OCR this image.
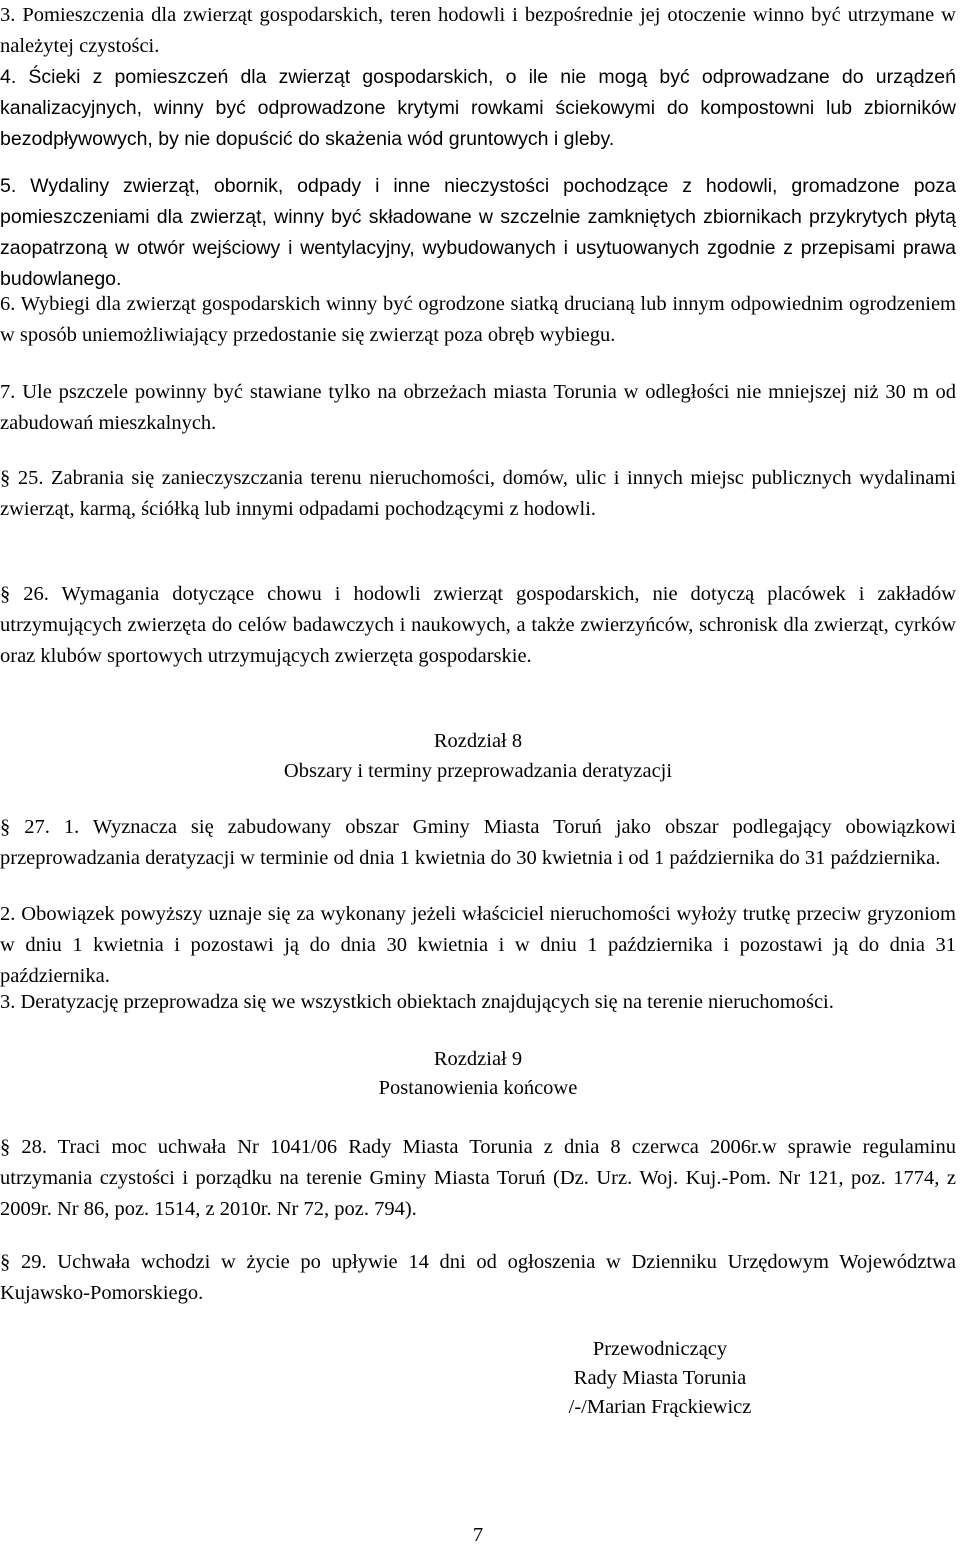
3. Pomieszczenia dla zwierząt gospodarskich, teren hodowli i bezpośrednie jej otoczenie winno być utrzymane w należytej czystości.

4. Ścieki z pomieszczeń dla zwierząt gospodarskich, o ile nie mogą być odprowadzane do urządzeń kanalizacyjnych, winny być odprowadzone krytymi rowkami ściekowymi do kompostowni lub zbiorników bezodpływowych, by nie dopuścić do skażenia wód gruntowych i gleby.

5. Wydaliny zwierząt, obornik, odpady i inne nieczystości pochodzące z hodowli, gromadzone poza pomieszczeniami dla zwierząt, winny być składowane w szczelnie zamkniętych zbiornikach przykrytych płytą zaopatrzoną w otwór wejściowy i wentylacyjny, wybudowanych i usytuowanych zgodnie z przepisami prawa budowlanego.

6. Wybiegi dla zwierząt gospodarskich winny być ogrodzone siatką drucianą lub innym odpowiednim ogrodzeniem w sposób uniemożliwiający przedostanie się zwierząt poza obręb wybiegu.

7. Ule pszczele powinny być stawiane tylko na obrzeżach miasta Torunia w odległości nie mniejszej niż 30 m od zabudowań mieszkalnych.

§ 25. Zabrania się zanieczyszczania terenu nieruchomości, domów, ulic i innych miejsc publicznych wydalinami zwierząt, karmą, ściółką lub innymi odpadami pochodzącymi z hodowli.

§ 26. Wymagania dotyczące chowu i hodowli zwierząt gospodarskich, nie dotyczą placówek i zakładów utrzymujących zwierzęta do celów badawczych i naukowych, a także zwierzyńców, schronisk dla zwierząt, cyrków oraz klubów sportowych utrzymujących zwierzęta gospodarskie.

Rozdział 8

Obszary i terminy przeprowadzania deratyzacji

§ 27. 1. Wyznacza się zabudowany obszar Gminy Miasta Toruń jako obszar podlegający obowiązkowi przeprowadzania deratyzacji w terminie od dnia 1 kwietnia do 30 kwietnia i od 1 października do 31 października.

2. Obowiązek powyższy uznaje się za wykonany jeżeli właściciel nieruchomości wyłoży trutkę przeciw gryzoniom w dniu 1 kwietnia i pozostawi ją do dnia 30 kwietnia i w dniu 1 października i pozostawi ją do dnia 31 października.

3. Deratyzację przeprowadza się we wszystkich obiektach znajdujących się na terenie nieruchomości.

Rozdział 9

Postanowienia końcowe

§ 28. Traci moc uchwała Nr 1041/06 Rady Miasta Torunia z dnia 8 czerwca 2006r.w sprawie regulaminu utrzymania czystości i porządku na terenie Gminy Miasta Toruń (Dz. Urz. Woj. Kuj.-Pom. Nr 121, poz. 1774, z 2009r. Nr 86, poz. 1514, z 2010r. Nr 72, poz. 794).

§ 29. Uchwała wchodzi w życie po upływie 14 dni od ogłoszenia w Dzienniku Urzędowym Województwa Kujawsko-Pomorskiego.

Przewodniczący

Rady Miasta Torunia

/-/Marian Frąckiewicz

7
